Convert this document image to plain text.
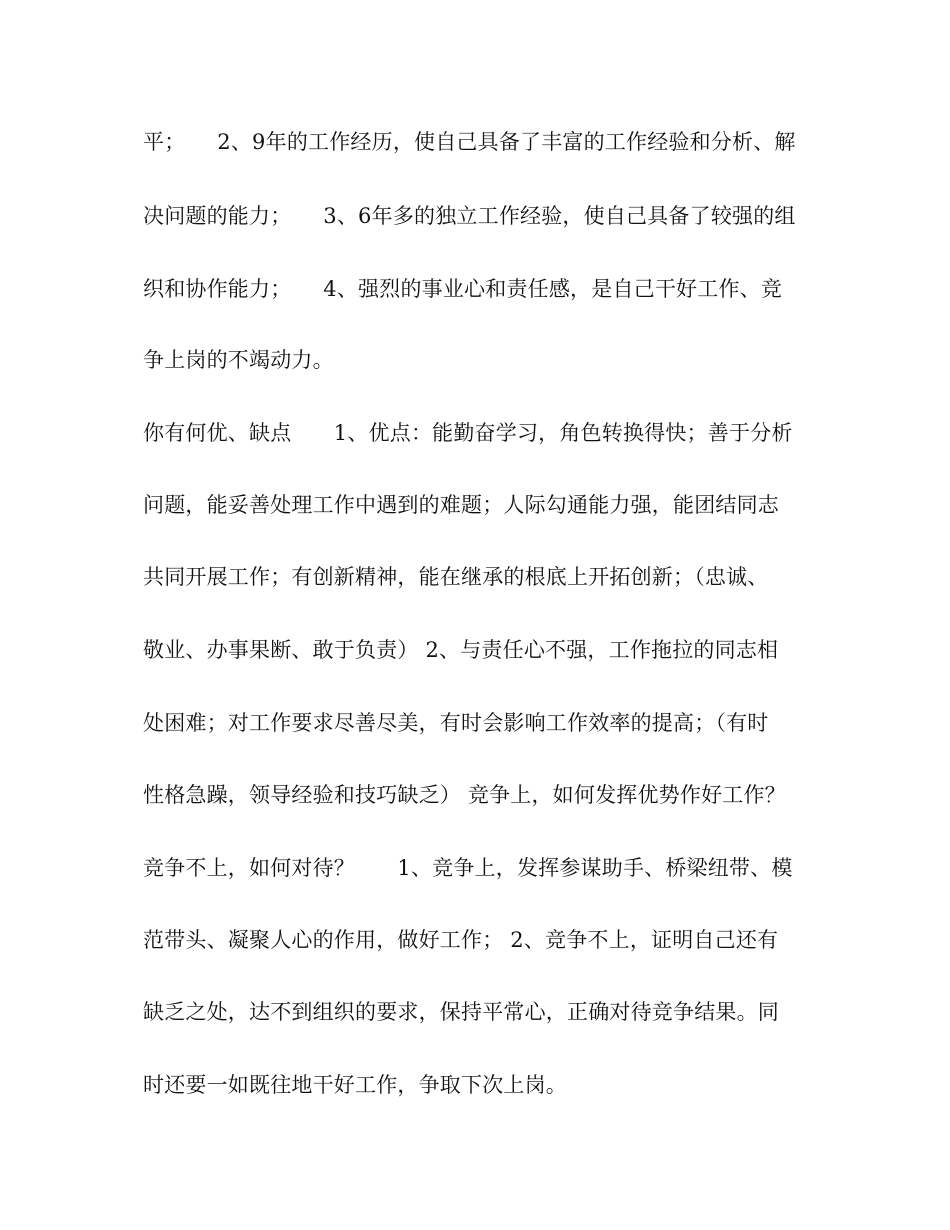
平；　　2、9年的工作经历，使自己具备了丰富的工作经验和分析、解
决问题的能力；　　3、6年多的独立工作经验，使自己具备了较强的组
织和协作能力；　　4、强烈的事业心和责任感，是自己干好工作、竞
争上岗的不竭动力。
你有何优、缺点　　1、优点：能勤奋学习，角色转换得快；善于分析
问题，能妥善处理工作中遇到的难题；人际勾通能力强，能团结同志
共同开展工作；有创新精神，能在继承的根底上开拓创新；（忠诚、
敬业、办事果断、敢于负责） 2、与责任心不强，工作拖拉的同志相
处困难；对工作要求尽善尽美，有时会影响工作效率的提高；（有时
性格急躁，领导经验和技巧缺乏） 竞争上，如何发挥优势作好工作？
竞争不上，如何对待？　　1、竞争上，发挥参谋助手、桥梁纽带、模
范带头、凝聚人心的作用，做好工作； 2、竞争不上，证明自己还有
缺乏之处，达不到组织的要求，保持平常心，正确对待竞争结果。同
时还要一如既往地干好工作，争取下次上岗。
